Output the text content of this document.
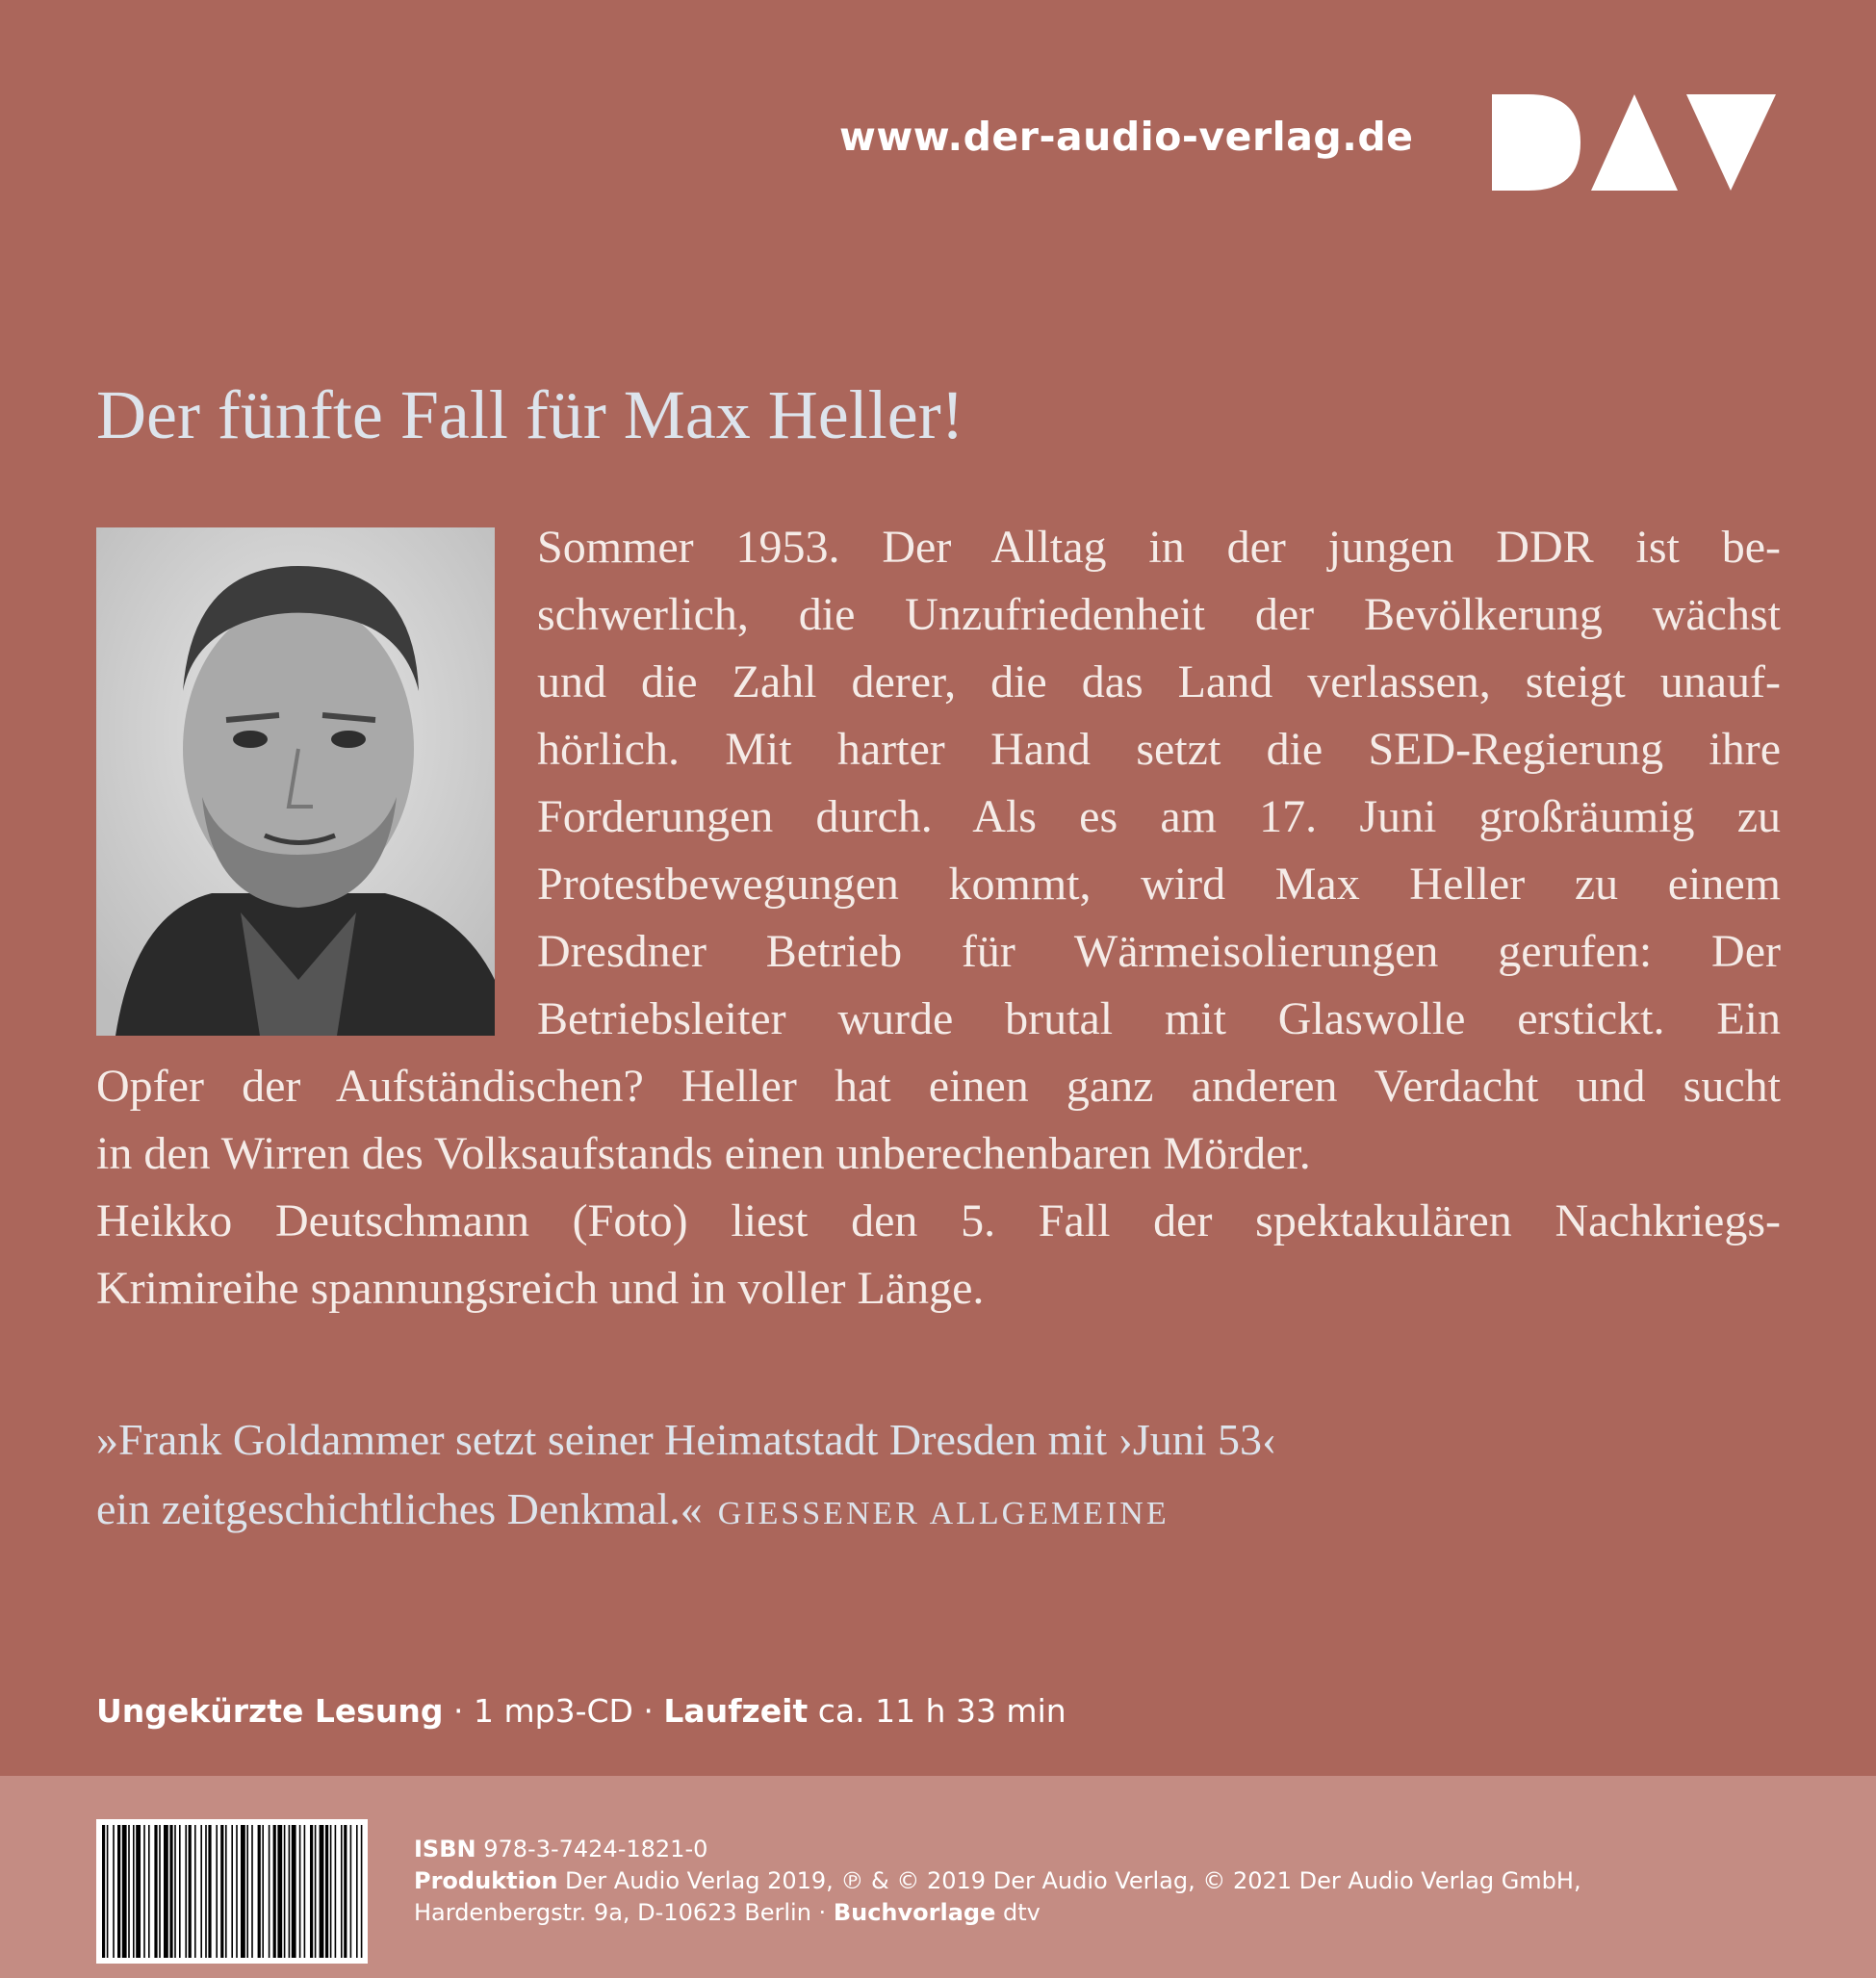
www.der-audio-verlag.de
Der fünfte Fall für Max Heller!
Sommer 1953. Der Alltag in der jungen DDR ist be-
schwerlich, die Unzufriedenheit der Bevölkerung wächst
und die Zahl derer, die das Land verlassen, steigt unauf-
hörlich. Mit harter Hand setzt die SED-Regierung ihre
Forderungen durch. Als es am 17. Juni großräumig zu
Protestbewegungen kommt, wird Max Heller zu einem
Dresdner Betrieb für Wärmeisolierungen gerufen: Der
Betriebsleiter wurde brutal mit Glaswolle erstickt. Ein
Opfer der Aufständischen? Heller hat einen ganz anderen Verdacht und sucht
in den Wirren des Volksaufstands einen unberechenbaren Mörder.
Heikko Deutschmann (Foto) liest den 5. Fall der spektakulären Nachkriegs-
Krimireihe spannungsreich und in voller Länge.
»Frank Goldammer setzt seiner Heimatstadt Dresden mit ›Juni 53‹
ein zeitgeschichtliches Denkmal.« GIESSENER ALLGEMEINE
Ungekürzte Lesung · 1 mp3-CD · Laufzeit ca. 11 h 33 min
ISBN 978-3-7424-1821-0
Produktion Der Audio Verlag 2019, ℗ & © 2019 Der Audio Verlag, © 2021 Der Audio Verlag GmbH,
Hardenbergstr. 9a, D-10623 Berlin · Buchvorlage dtv
